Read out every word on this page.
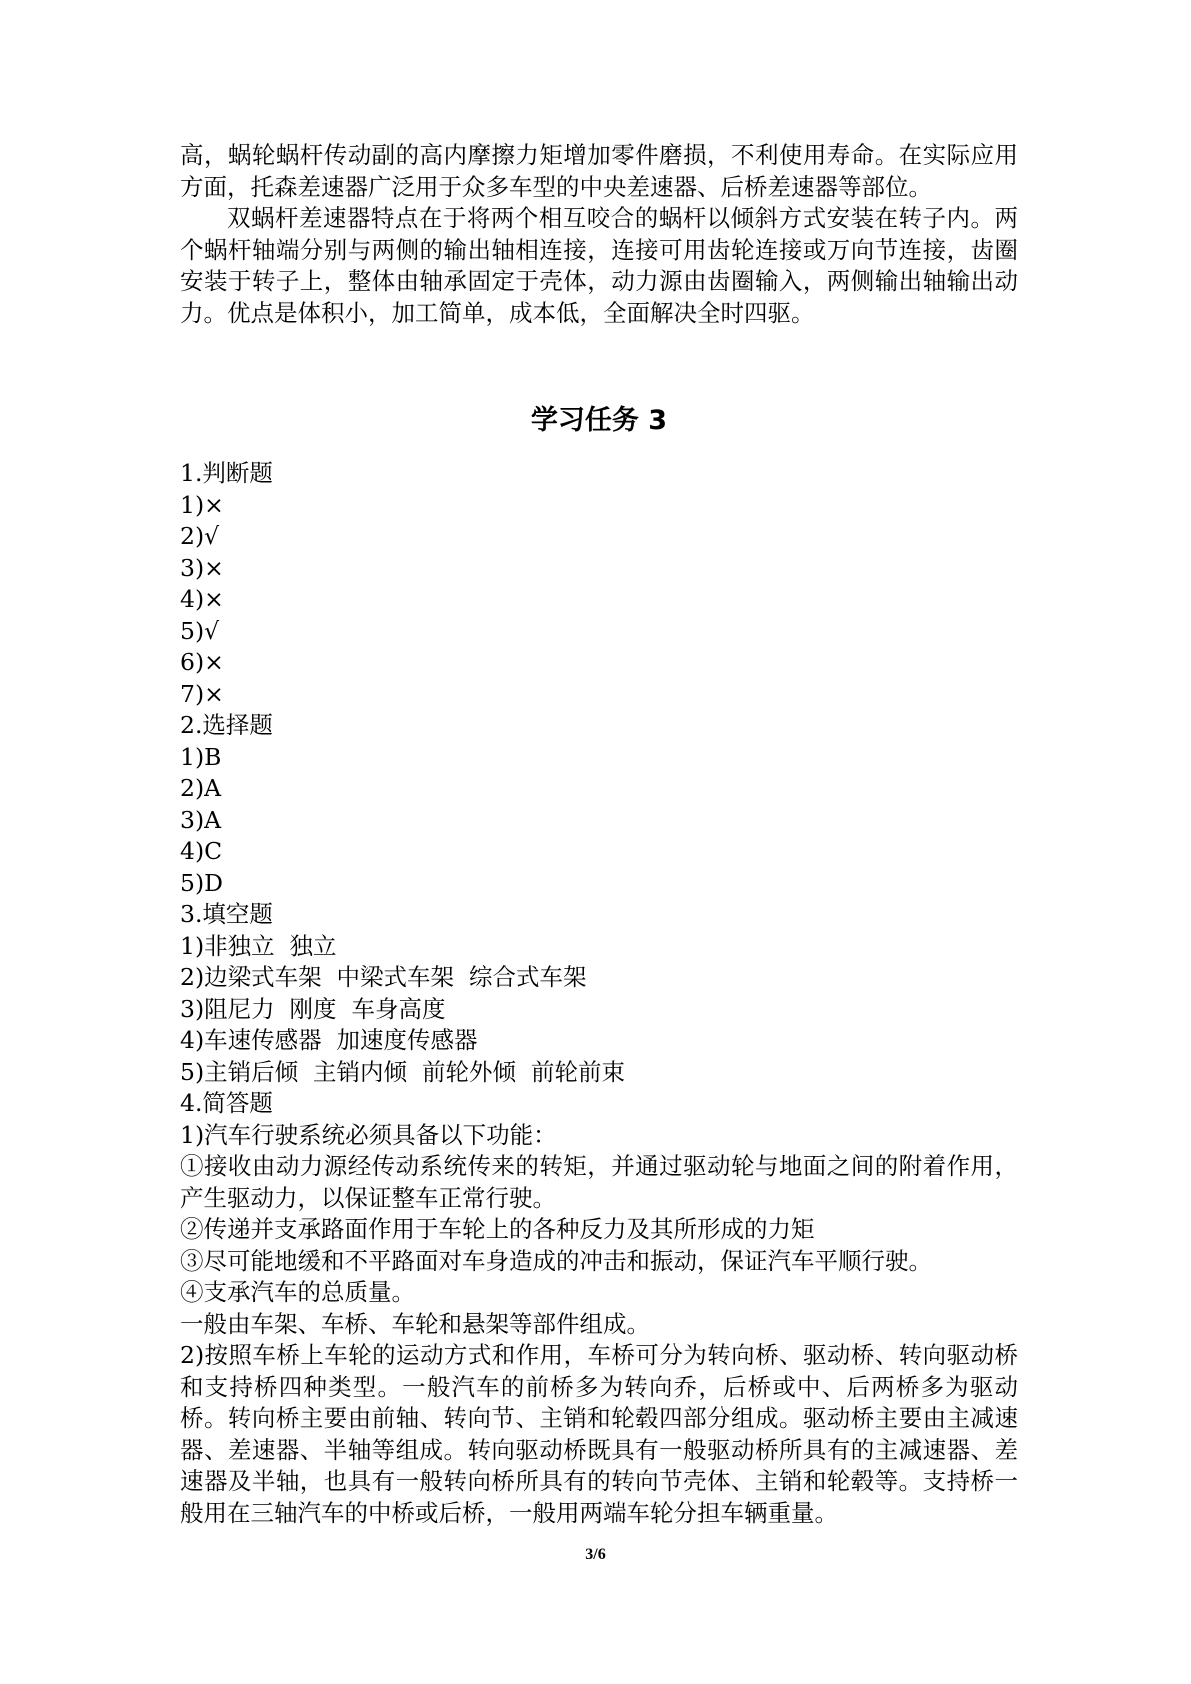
高，蜗轮蜗杆传动副的高内摩擦力矩增加零件磨损，不利使用寿命。在实际应用方面，托森差速器广泛用于众多车型的中央差速器、后桥差速器等部位。

双蜗杆差速器特点在于将两个相互咬合的蜗杆以倾斜方式安装在转子内。两个蜗杆轴端分别与两侧的输出轴相连接，连接可用齿轮连接或万向节连接，齿圈安装于转子上，整体由轴承固定于壳体，动力源由齿圈输入，两侧输出轴输出动力。优点是体积小，加工简单，成本低，全面解决全时四驱。

学习任务 3

1.判断题

1)×

2)√

3)×

4)×

5)√

6)×

7)×

2.选择题

1)B

2)A

3)A

4)C

5)D

3.填空题

1)非独立  独立

2)边梁式车架  中梁式车架  综合式车架

3)阻尼力  刚度  车身高度

4)车速传感器  加速度传感器

5)主销后倾  主销内倾  前轮外倾  前轮前束

4.简答题

1)汽车行驶系统必须具备以下功能：

①接收由动力源经传动系统传来的转矩，并通过驱动轮与地面之间的附着作用，产生驱动力，以保证整车正常行驶。

②传递并支承路面作用于车轮上的各种反力及其所形成的力矩

③尽可能地缓和不平路面对车身造成的冲击和振动，保证汽车平顺行驶。

④支承汽车的总质量。

一般由车架、车桥、车轮和悬架等部件组成。

2)按照车桥上车轮的运动方式和作用，车桥可分为转向桥、驱动桥、转向驱动桥和支持桥四种类型。一般汽车的前桥多为转向乔，后桥或中、后两桥多为驱动桥。转向桥主要由前轴、转向节、主销和轮毂四部分组成。驱动桥主要由主减速器、差速器、半轴等组成。转向驱动桥既具有一般驱动桥所具有的主减速器、差速器及半轴，也具有一般转向桥所具有的转向节壳体、主销和轮毂等。支持桥一般用在三轴汽车的中桥或后桥，一般用两端车轮分担车辆重量。

3/6
